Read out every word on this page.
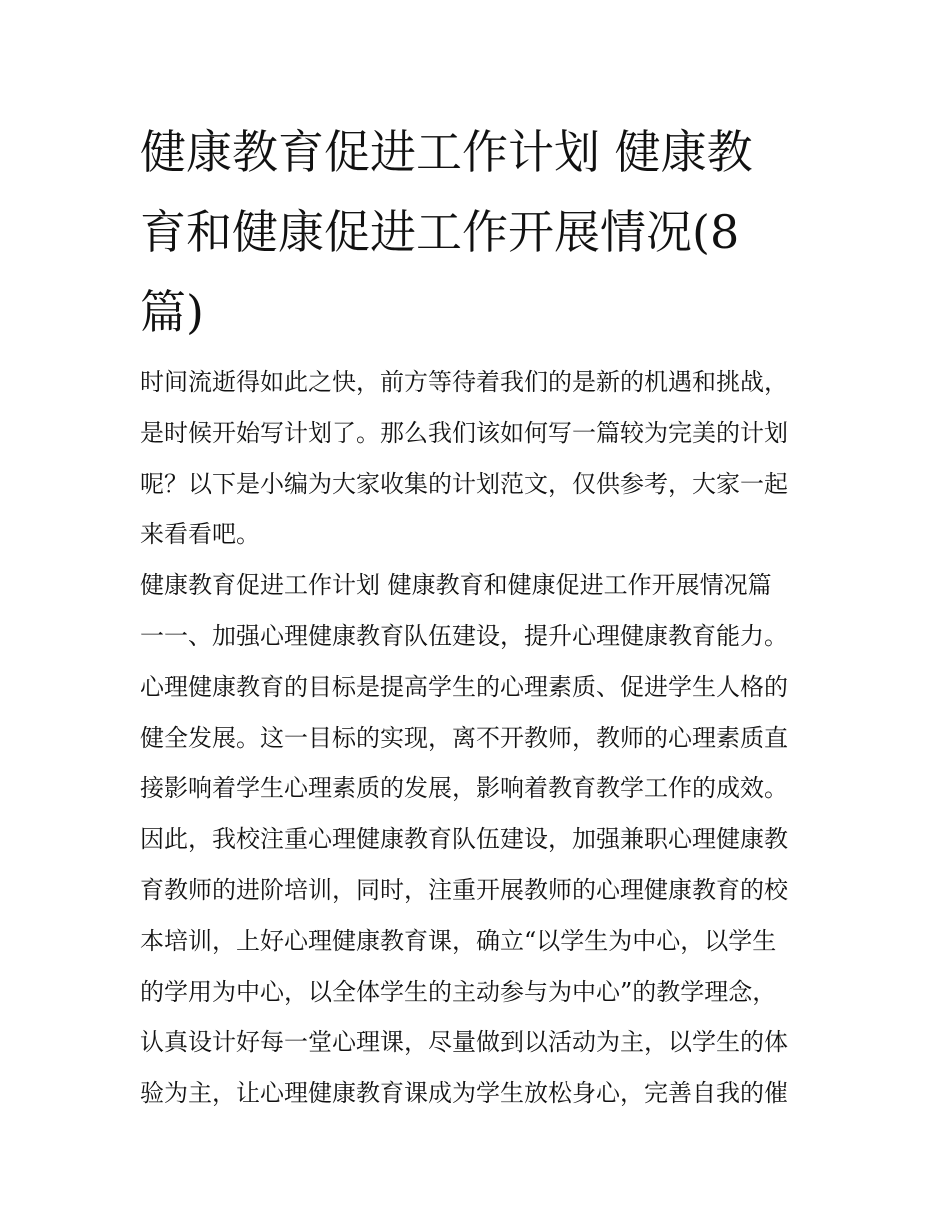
健康教育促进工作计划 健康教
育和健康促进工作开展情况(8
篇)
时间流逝得如此之快，前方等待着我们的是新的机遇和挑战，
是时候开始写计划了。那么我们该如何写一篇较为完美的计划
呢？以下是小编为大家收集的计划范文，仅供参考，大家一起
来看看吧。
健康教育促进工作计划 健康教育和健康促进工作开展情况篇
一一、加强心理健康教育队伍建设，提升心理健康教育能力。
心理健康教育的目标是提高学生的心理素质、促进学生人格的
健全发展。这一目标的实现，离不开教师，教师的心理素质直
接影响着学生心理素质的发展，影响着教育教学工作的成效。
因此，我校注重心理健康教育队伍建设，加强兼职心理健康教
育教师的进阶培训，同时，注重开展教师的心理健康教育的校
本培训，上好心理健康教育课，确立“以学生为中心，以学生
的学用为中心，以全体学生的主动参与为中心”的教学理念，
认真设计好每一堂心理课，尽量做到以活动为主，以学生的体
验为主，让心理健康教育课成为学生放松身心，完善自我的催
